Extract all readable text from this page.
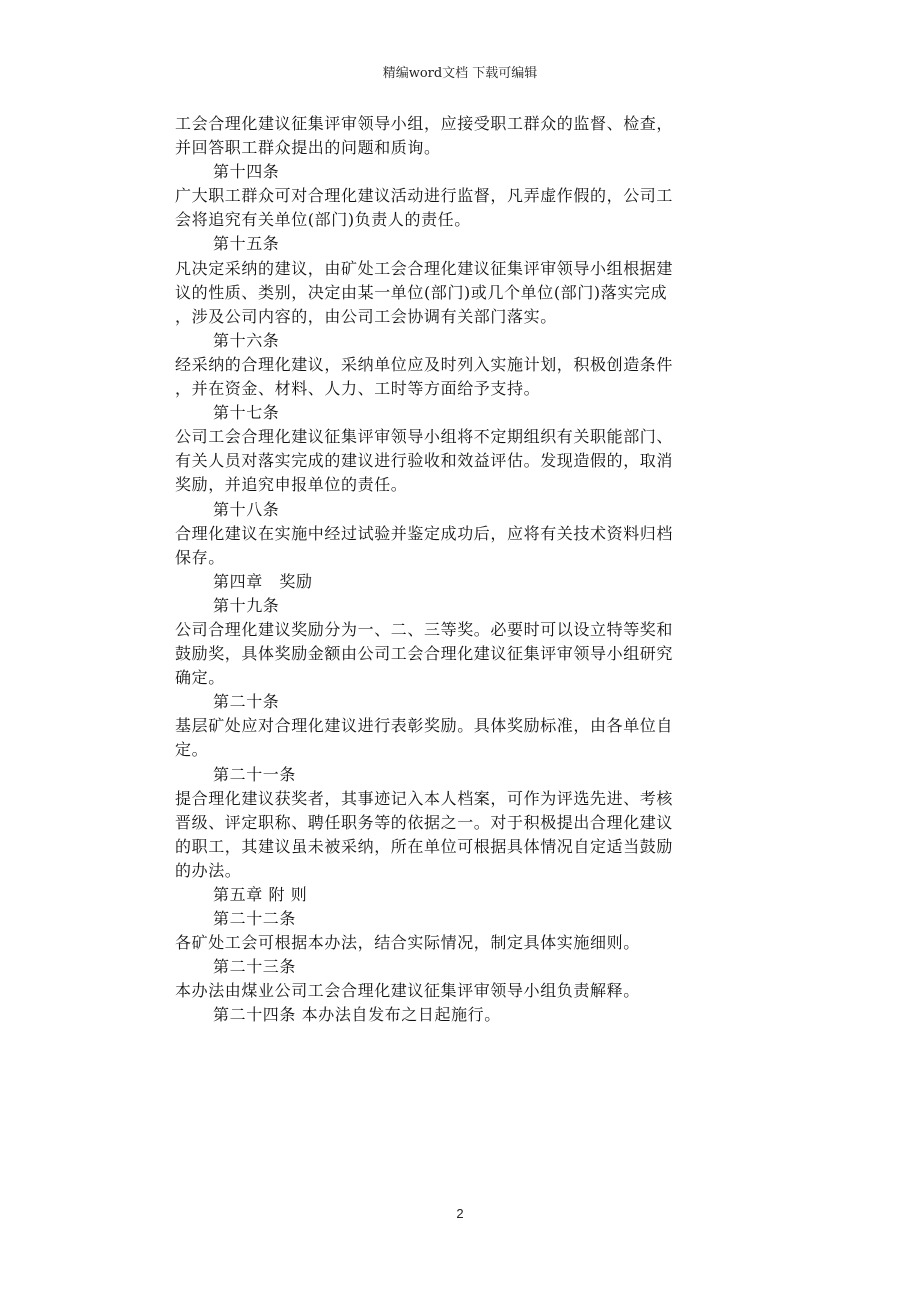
精编word文档 下载可编辑
工会合理化建议征集评审领导小组，应接受职工群众的监督、检查，
并回答职工群众提出的问题和质询。
第十四条
广大职工群众可对合理化建议活动进行监督，凡弄虚作假的，公司工
会将追究有关单位(部门)负责人的责任。
第十五条
凡决定采纳的建议，由矿处工会合理化建议征集评审领导小组根据建
议的性质、类别，决定由某一单位(部门)或几个单位(部门)落实完成
，涉及公司内容的，由公司工会协调有关部门落实。
第十六条
经采纳的合理化建议，采纳单位应及时列入实施计划，积极创造条件
，并在资金、材料、人力、工时等方面给予支持。
第十七条
公司工会合理化建议征集评审领导小组将不定期组织有关职能部门、
有关人员对落实完成的建议进行验收和效益评估。发现造假的，取消
奖励，并追究申报单位的责任。
第十八条
合理化建议在实施中经过试验并鉴定成功后，应将有关技术资料归档
保存。
第四章　奖励
第十九条
公司合理化建议奖励分为一、二、三等奖。必要时可以设立特等奖和
鼓励奖，具体奖励金额由公司工会合理化建议征集评审领导小组研究
确定。
第二十条
基层矿处应对合理化建议进行表彰奖励。具体奖励标准，由各单位自
定。
第二十一条
提合理化建议获奖者，其事迹记入本人档案，可作为评选先进、考核
晋级、评定职称、聘任职务等的依据之一。对于积极提出合理化建议
的职工，其建议虽未被采纳，所在单位可根据具体情况自定适当鼓励
的办法。
第五章 附 则
第二十二条
各矿处工会可根据本办法，结合实际情况，制定具体实施细则。
第二十三条
本办法由煤业公司工会合理化建议征集评审领导小组负责解释。
第二十四条 本办法自发布之日起施行。
2
